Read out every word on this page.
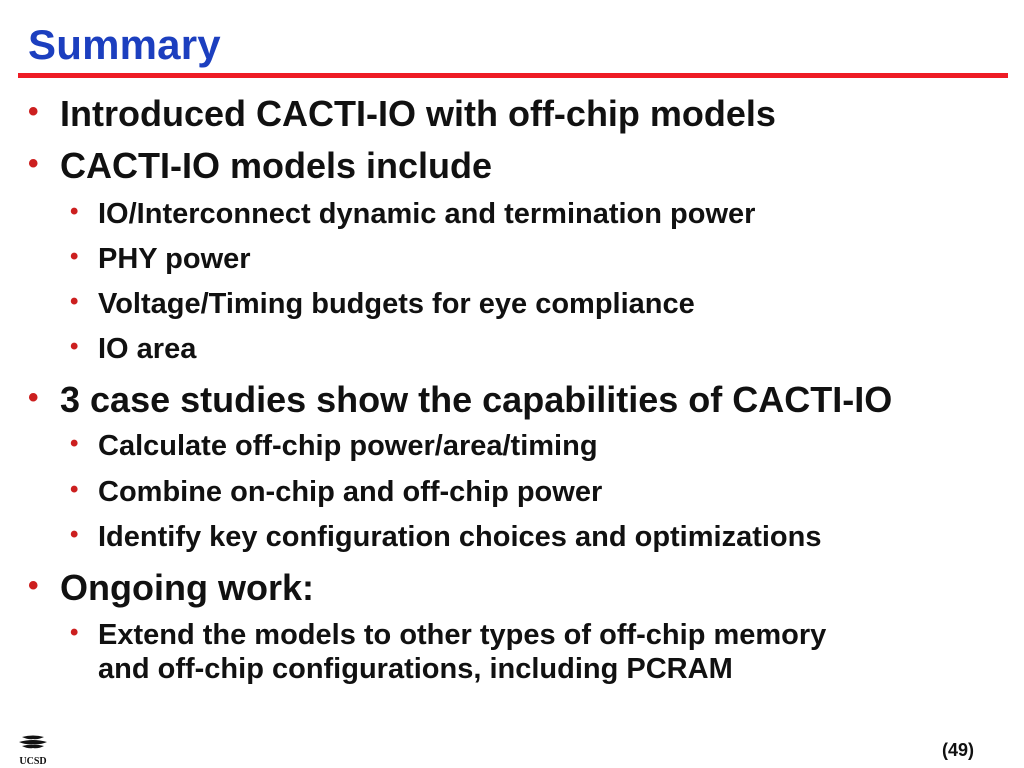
Summary
• Introduced CACTI-IO with off-chip models
• CACTI-IO models include
• IO/Interconnect dynamic and termination power
• PHY power
• Voltage/Timing budgets for eye compliance
• IO area
• 3 case studies show the capabilities of CACTI-IO
• Calculate off-chip power/area/timing
• Combine on-chip and off-chip power
• Identify key configuration choices and optimizations
• Ongoing work:
• Extend the models to other types of off-chip memory
and off-chip configurations, including PCRAM
UCSD
(49)
